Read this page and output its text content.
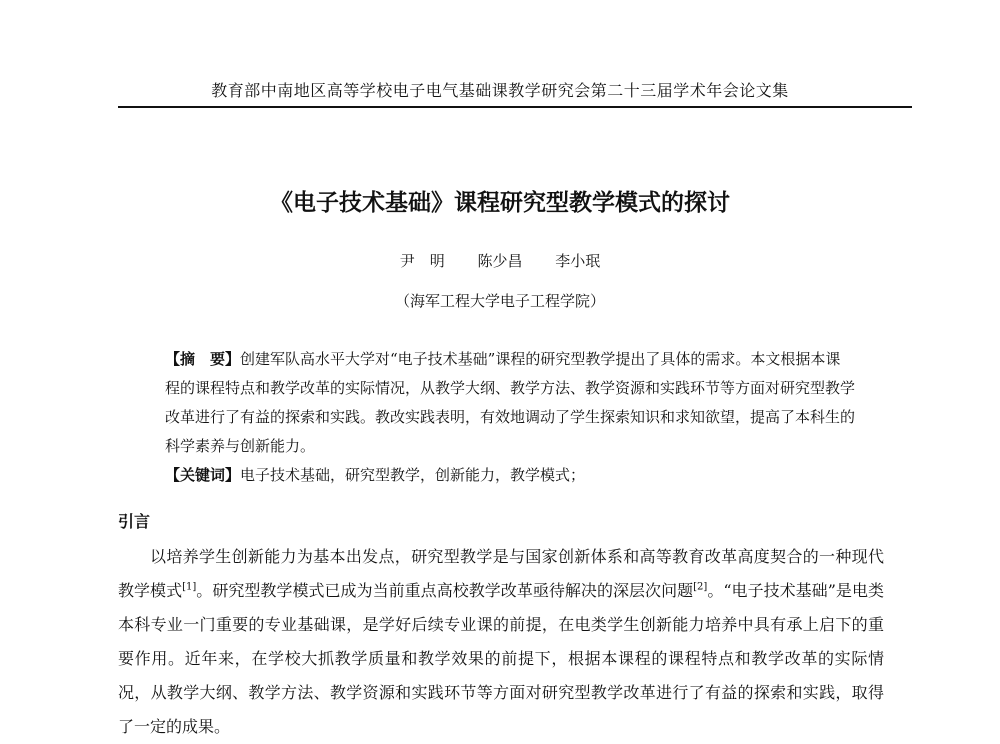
教育部中南地区高等学校电子电气基础课教学研究会第二十三届学术年会论文集
《电子技术基础》课程研究型教学模式的探讨
尹　明 陈少昌 李小珉
（海军工程大学电子工程学院）

【摘　要】创建军队高水平大学对“电子技术基础”课程的研究型教学提出了具体的需求。本文根据本课程的课程特点和教学改革的实际情况，从教学大纲、教学方法、教学资源和实践环节等方面对研究型教学改革进行了有益的探索和实践。教改实践表明，有效地调动了学生探索知识和求知欲望，提高了本科生的科学素养与创新能力。

【关键词】电子技术基础，研究型教学，创新能力，教学模式；

引言

以培养学生创新能力为基本出发点，研究型教学是与国家创新体系和高等教育改革高度契合的一种现代教学模式[1]。研究型教学模式已成为当前重点高校教学改革亟待解决的深层次问题[2]。“电子技术基础”是电类本科专业一门重要的专业基础课，是学好后续专业课的前提，在电类学生创新能力培养中具有承上启下的重要作用。近年来，在学校大抓教学质量和教学效果的前提下，根据本课程的课程特点和教学改革的实际情况，从教学大纲、教学方法、教学资源和实践环节等方面对研究型教学改革进行了有益的探索和实践，取得了一定的成果。
